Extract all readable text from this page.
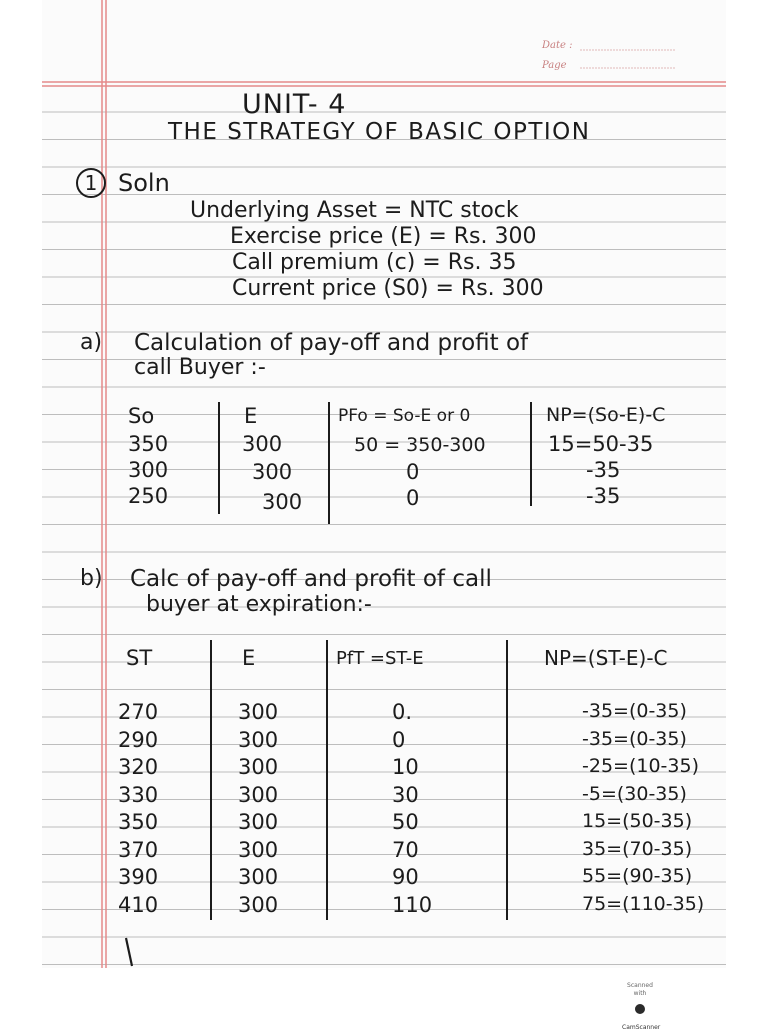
Date :
Page
UNIT- 4
THE STRATEGY OF BASIC OPTION
1 Soln
Underlying Asset = NTC stock
Exercise price (E) = Rs. 300
Call premium (c) = Rs. 35
Current price (S0) = Rs. 300
a) Calculation of pay-off and profit of
call Buyer :-
So	E	PFo = So-E or 0	NP=(So-E)-C
350	300	50 = 350-300	15=50-35
300	300	0	-35
250	300	0	-35
b) Calc of pay-off and profit of call
buyer at expiration:-
ST	E	PfT =ST-E	NP=(ST-E)-C
270	300	0.	-35=(0-35)
290	300	0	-35=(0-35)
320	300	10	-25=(10-35)
330	300	30	-5=(30-35)
350	300	50	15=(50-35)
370	300	70	35=(70-35)
390	300	90	55=(90-35)
410	300	110	75=(110-35)
Scanned with
CamScanner
